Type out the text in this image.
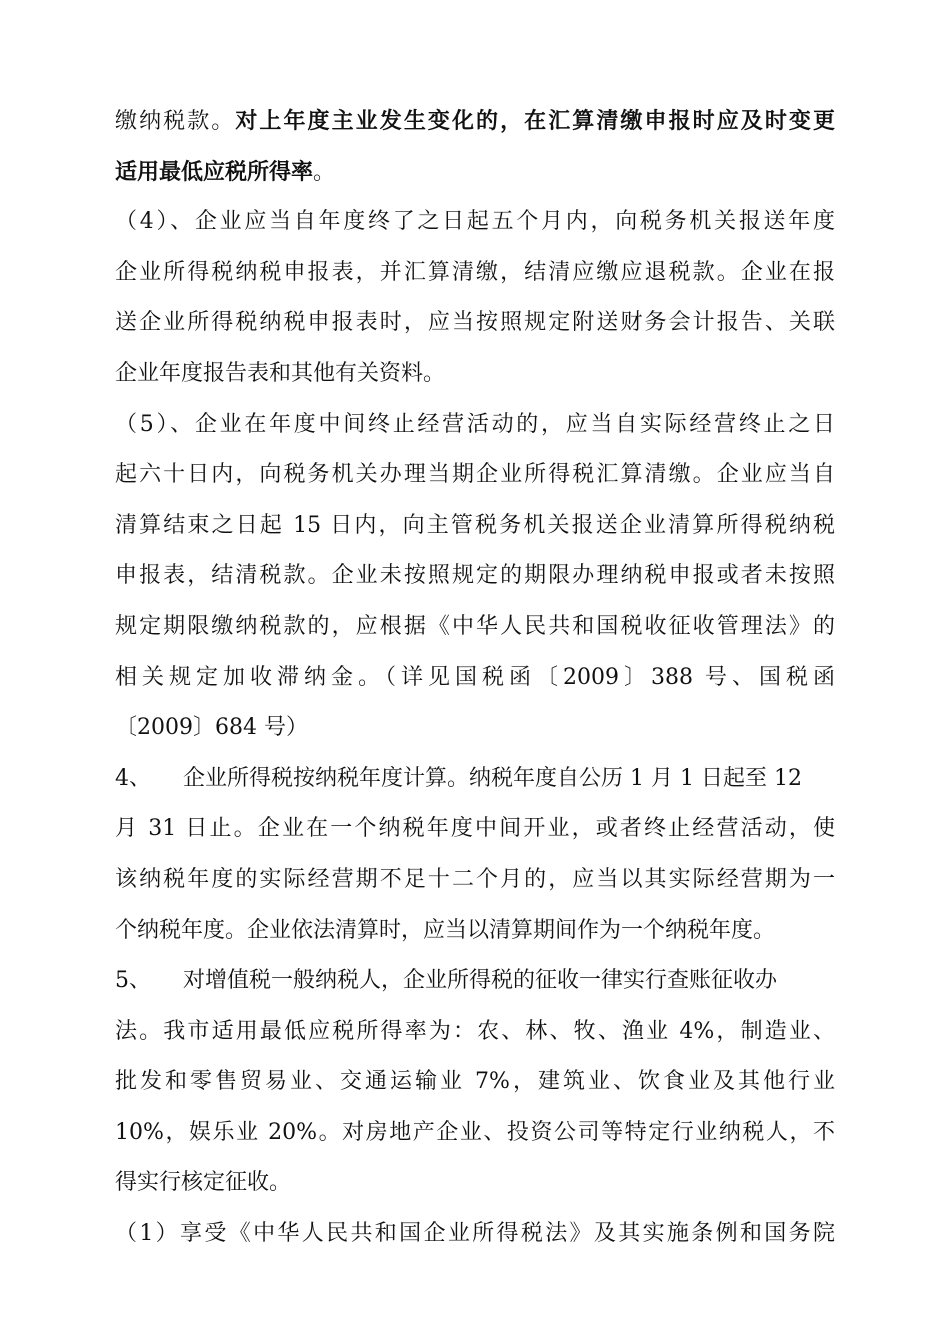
缴纳税款。对上年度主业发生变化的，在汇算清缴申报时应及时变更
适用最低应税所得率。
（4）、企业应当自年度终了之日起五个月内，向税务机关报送年度
企业所得税纳税申报表，并汇算清缴，结清应缴应退税款。企业在报
送企业所得税纳税申报表时，应当按照规定附送财务会计报告、关联
企业年度报告表和其他有关资料。
（5）、企业在年度中间终止经营活动的，应当自实际经营终止之日
起六十日内，向税务机关办理当期企业所得税汇算清缴。企业应当自
清算结束之日起 15 日内，向主管税务机关报送企业清算所得税纳税
申报表，结清税款。企业未按照规定的期限办理纳税申报或者未按照
规定期限缴纳税款的，应根据《中华人民共和国税收征收管理法》的
相关规定加收滞纳金。（详见国税函〔2009〕388 号、国税函
〔2009〕684 号）
4、 企业所得税按纳税年度计算。纳税年度自公历 1 月 1 日起至 12
月 31 日止。企业在一个纳税年度中间开业，或者终止经营活动，使
该纳税年度的实际经营期不足十二个月的，应当以其实际经营期为一
个纳税年度。企业依法清算时，应当以清算期间作为一个纳税年度。
5、 对增值税一般纳税人，企业所得税的征收一律实行查账征收办
法。我市适用最低应税所得率为：农、林、牧、渔业 4%，制造业、
批发和零售贸易业、交通运输业 7%，建筑业、饮食业及其他行业
10%，娱乐业 20%。对房地产企业、投资公司等特定行业纳税人，不
得实行核定征收。
（1）享受《中华人民共和国企业所得税法》及其实施条例和国务院
